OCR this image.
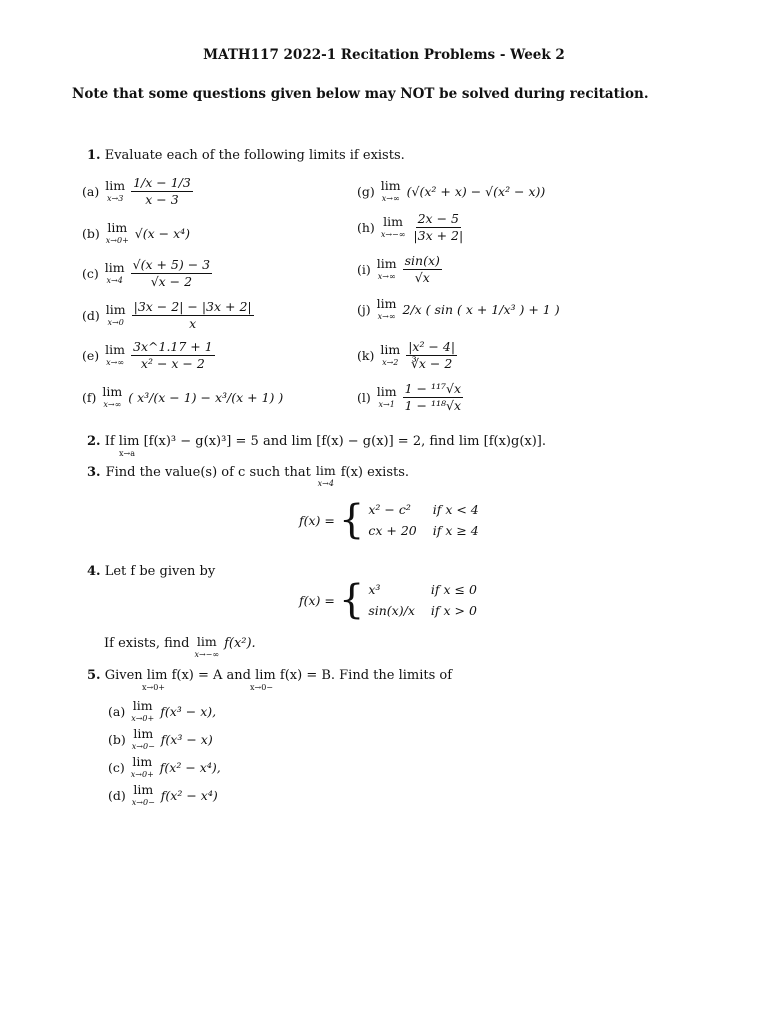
MATH117 2022-1 Recitation Problems - Week 2
Note that some questions given below may NOT be solved during recitation.
1. Evaluate each of the following limits if exists.
(a) lim
$x\to 3 \frac{1/x - 1/3}{x - 3}$
(b) lim
x→0+ √(x − x⁴)
(c) lim
$x\to 4 \frac{√(x + 5) - 3}{√x - 2}$
(d) lim
$x\to 0 \frac{|3x - 2| - |3x + 2|}{x}$
(e) lim
$x\to\infty \frac{3x\^{}1.17 + 1}{\text{x² − x − 2}}$
(f) lim
x→∞ ( x³/(x − 1) − x³/(x + 1) )
(g) lim
x→∞ (√(x² + x) − √(x² − x))
(h) lim
$x\to-\infty \frac{2x - 5}{|3x + 2|}$
(i) lim
$x\to\infty \frac{\sin(x)}{√x}$
(j) lim
x→∞ 2/x ( sin ( x + 1/x³ ) + 1 )
(k) lim
$x\to 2 \frac{\text{|x² − 4|}}{∛x - 2}$
(l) lim
$x\to 1 \frac{\text{1 − ¹¹⁷√x}}{\text{1 − ¹¹⁸√x}}$
2. If lim [f(x)³ − g(x)³] = 5 and lim [f(x) − g(x)] = 2, find lim [f(x)g(x)].
x→a
3. Find the value(s) of c such that lim
x→4
f(x) exists.
f(x) = { x² − c²	if x < 4
cx + 20 if x ≥ 4
4. Let f be given by
f(x) = { x³	if x ≤ 0
sin(x)/x if x > 0
If exists, find lim
x→−∞
f(x²).
5. Given lim f(x) = A and lim f(x) = B. Find the limits of
x→0+	x→0−
(a) lim
x→0+ f(x³ − x),
(b) lim
x→0− f(x³ − x)
(c) lim
x→0+ f(x² − x⁴),
(d) lim
x→0− f(x² − x⁴)
